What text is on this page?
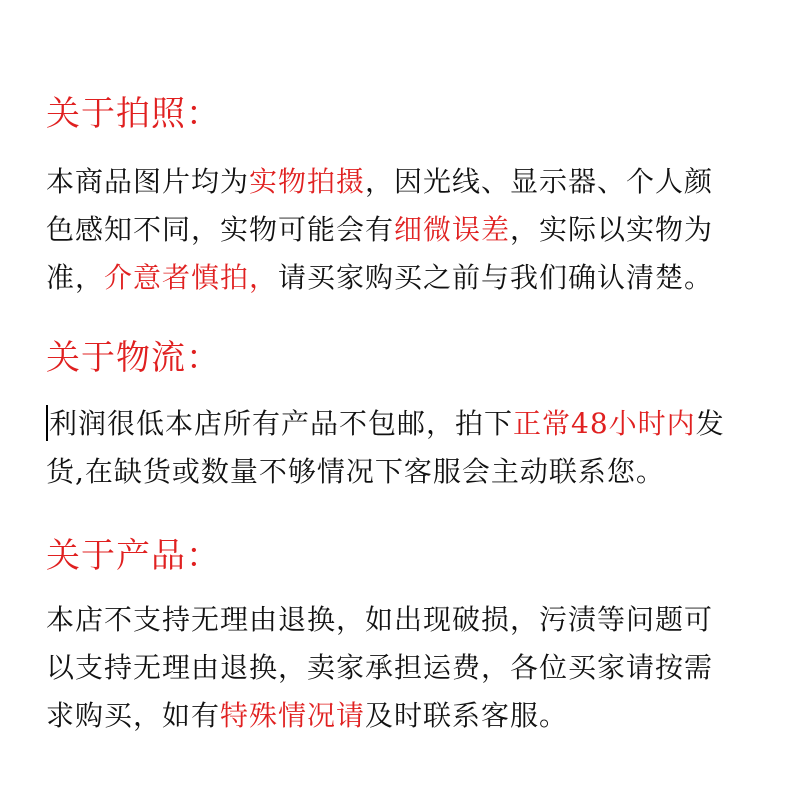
关于拍照：

本商品图片均为实物拍摄，因光线、显示器、个人颜

色感知不同，实物可能会有细微误差，实际以实物为

准，介意者慎拍，请买家购买之前与我们确认清楚。

关于物流：

利润很低本店所有产品不包邮，拍下正常48小时内发

货,在缺货或数量不够情况下客服会主动联系您。

关于产品：

本店不支持无理由退换，如出现破损，污渍等问题可

以支持无理由退换，卖家承担运费，各位买家请按需

求购买，如有特殊情况请及时联系客服。
